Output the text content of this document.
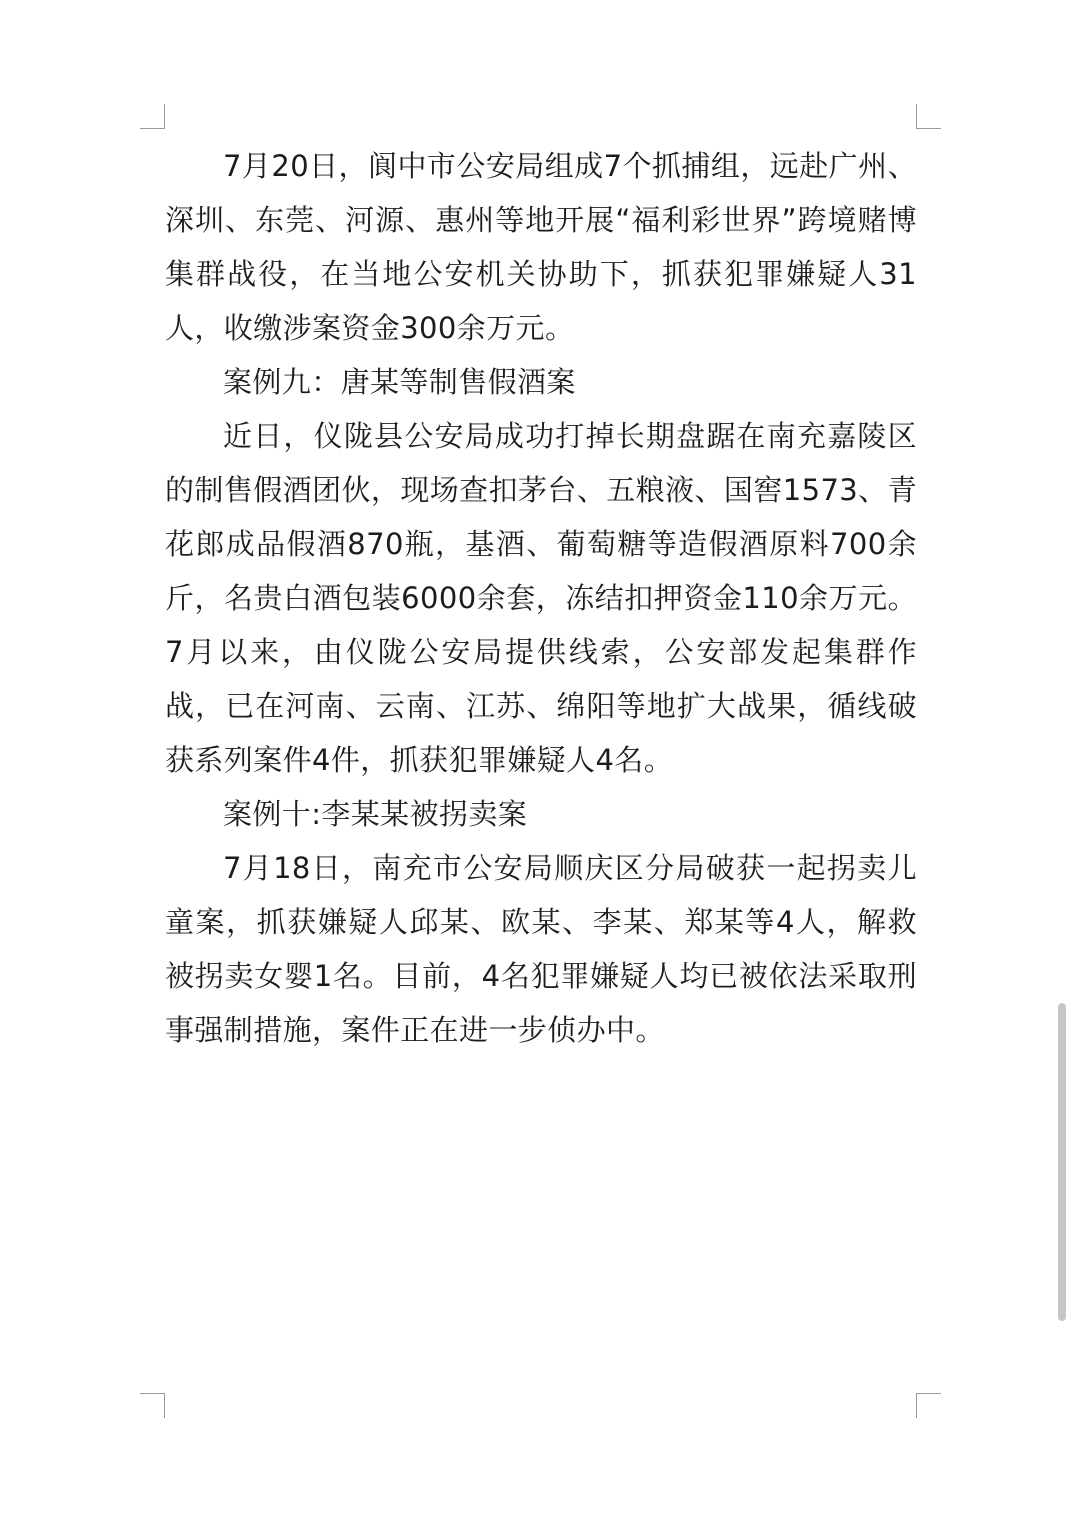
7月20日，阆中市公安局组成7个抓捕组，远赴广州、深圳、东莞、河源、惠州等地开展“福利彩世界”跨境赌博集群战役，在当地公安机关协助下，抓获犯罪嫌疑人31人，收缴涉案资金300余万元。

案例九：唐某等制售假酒案

近日，仪陇县公安局成功打掉长期盘踞在南充嘉陵区的制售假酒团伙，现场查扣茅台、五粮液、国窖1573、青花郎成品假酒870瓶，基酒、葡萄糖等造假酒原料700余斤，名贵白酒包装6000余套，冻结扣押资金110余万元。7月以来，由仪陇公安局提供线索，公安部发起集群作战，已在河南、云南、江苏、绵阳等地扩大战果，循线破获系列案件4件，抓获犯罪嫌疑人4名。

案例十:李某某被拐卖案

7月18日，南充市公安局顺庆区分局破获一起拐卖儿童案，抓获嫌疑人邱某、欧某、李某、郑某等4人，解救被拐卖女婴1名。目前，4名犯罪嫌疑人均已被依法采取刑事强制措施，案件正在进一步侦办中。
